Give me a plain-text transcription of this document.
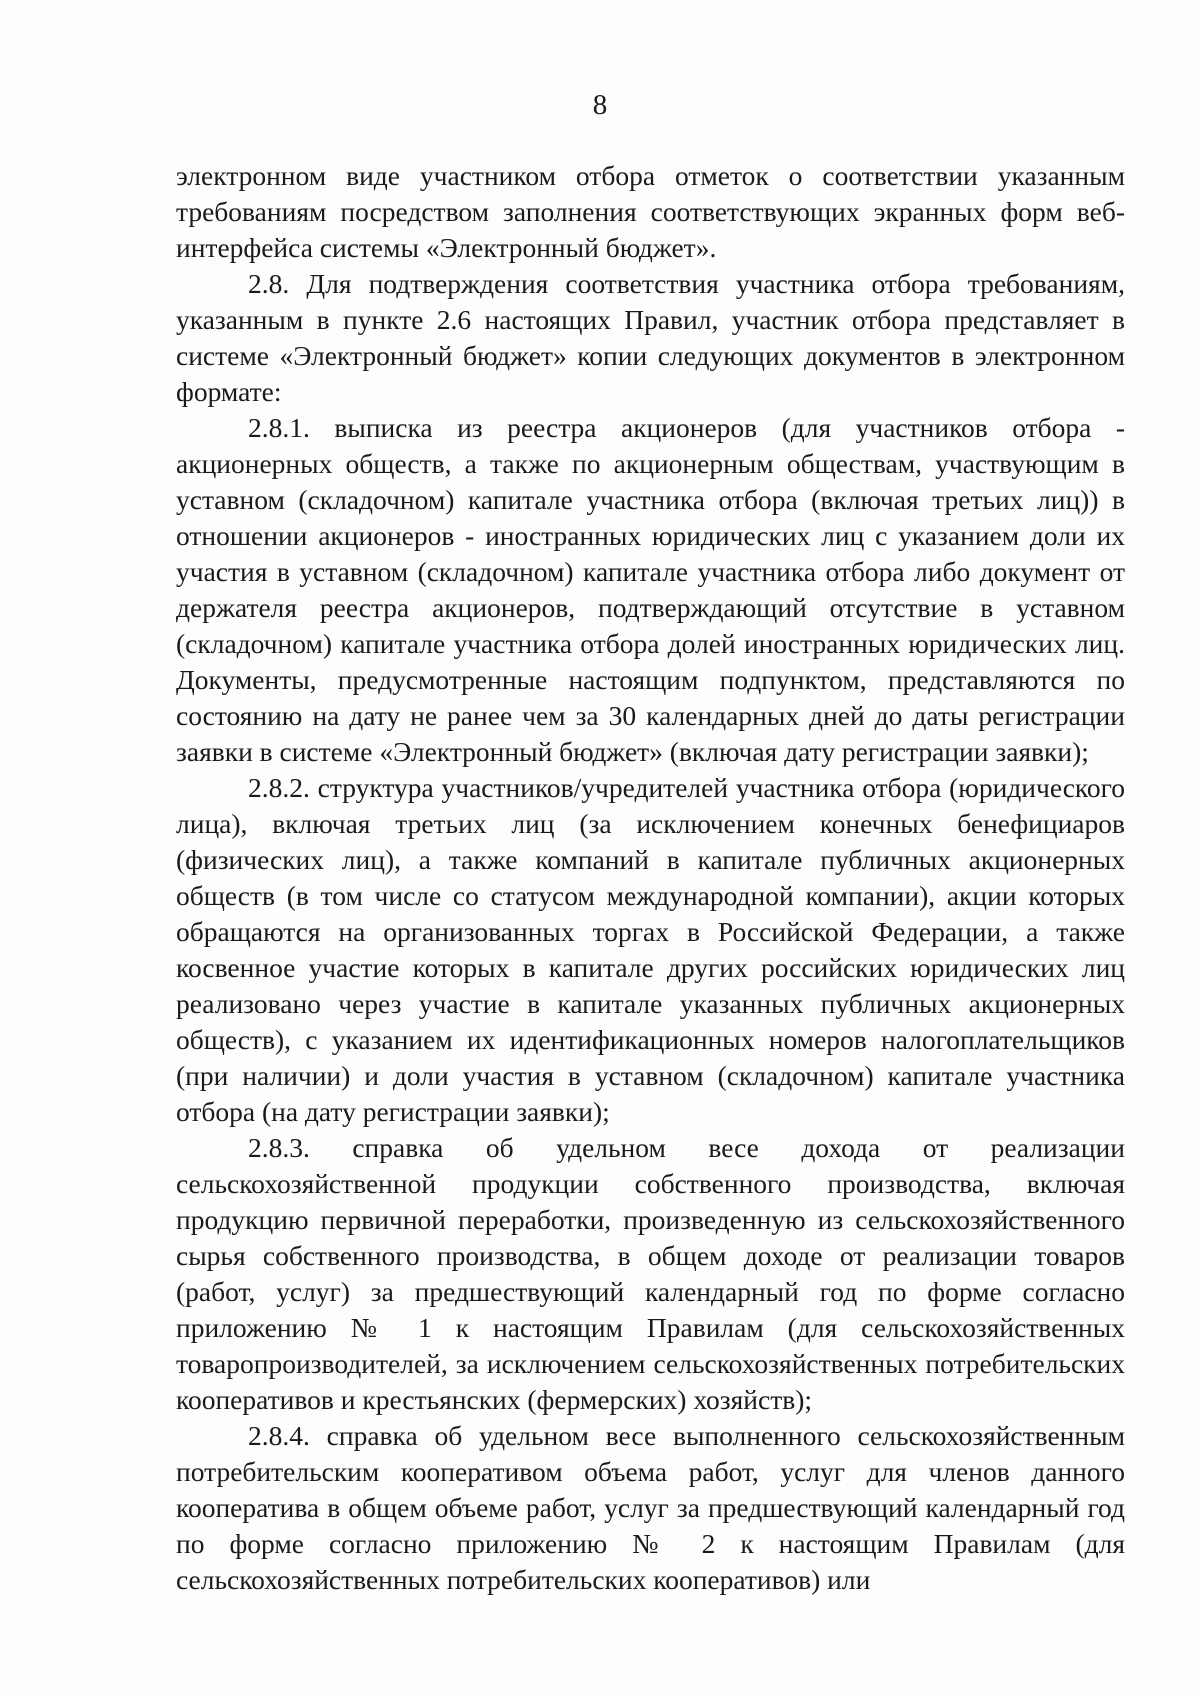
8

электронном виде участником отбора отметок о соответствии указанным требованиям посредством заполнения соответствующих экранных форм веб-интерфейса системы «Электронный бюджет».

2.8. Для подтверждения соответствия участника отбора требованиям, указанным в пункте 2.6 настоящих Правил, участник отбора представляет в системе «Электронный бюджет» копии следующих документов в электронном формате:

2.8.1. выписка из реестра акционеров (для участников отбора - акционерных обществ, а также по акционерным обществам, участвующим в уставном (складочном) капитале участника отбора (включая третьих лиц)) в отношении акционеров - иностранных юридических лиц с указанием доли их участия в уставном (складочном) капитале участника отбора либо документ от держателя реестра акционеров, подтверждающий отсутствие в уставном (складочном) капитале участника отбора долей иностранных юридических лиц. Документы, предусмотренные настоящим подпунктом, представляются по состоянию на дату не ранее чем за 30 календарных дней до даты регистрации заявки в системе «Электронный бюджет» (включая дату регистрации заявки);

2.8.2. структура участников/учредителей участника отбора (юридического лица), включая третьих лиц (за исключением конечных бенефициаров (физических лиц), а также компаний в капитале публичных акционерных обществ (в том числе со статусом международной компании), акции которых обращаются на организованных торгах в Российской Федерации, а также косвенное участие которых в капитале других российских юридических лиц реализовано через участие в капитале указанных публичных акционерных обществ), с указанием их идентификационных номеров налогоплательщиков (при наличии) и доли участия в уставном (складочном) капитале участника отбора (на дату регистрации заявки);

2.8.3. справка об удельном весе дохода от реализации сельскохозяйственной продукции собственного производства, включая продукцию первичной переработки, произведенную из сельскохозяйственного сырья собственного производства, в общем доходе от реализации товаров (работ, услуг) за предшествующий календарный год по форме согласно приложению № 1 к настоящим Правилам (для сельскохозяйственных товаропроизводителей, за исключением сельскохозяйственных потребительских кооперативов и крестьянских (фермерских) хозяйств);

2.8.4. справка об удельном весе выполненного сельскохозяйственным потребительским кооперативом объема работ, услуг для членов данного кооператива в общем объеме работ, услуг за предшествующий календарный год по форме согласно приложению № 2 к настоящим Правилам (для сельскохозяйственных потребительских кооперативов) или
